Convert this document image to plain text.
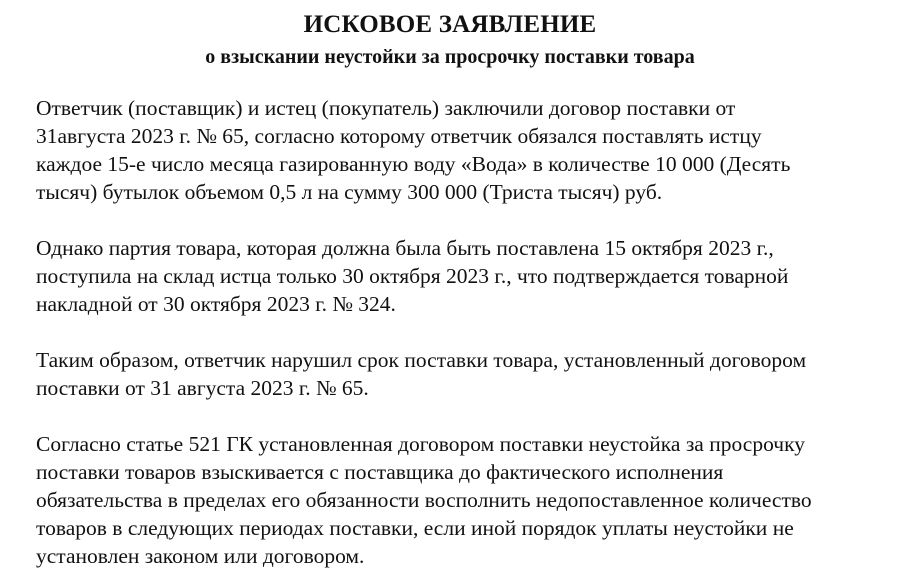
ИСКОВОЕ ЗАЯВЛЕНИЕ
о взыскании неустойки за просрочку поставки товара

Ответчик (поставщик) и истец (покупатель) заключили договор поставки от
31августа 2023 г. № 65, согласно которому ответчик обязался поставлять истцу
каждое 15-е число месяца газированную воду «Вода» в количестве 10 000 (Десять
тысяч) бутылок объемом 0,5 л на сумму 300 000 (Триста тысяч) руб.

Однако партия товара, которая должна была быть поставлена 15 октября 2023 г.,
поступила на склад истца только 30 октября 2023 г., что подтверждается товарной
накладной от 30 октября 2023 г. № 324.

Таким образом, ответчик нарушил срок поставки товара, установленный договором
поставки от 31 августа 2023 г. № 65.

Согласно статье 521 ГК установленная договором поставки неустойка за просрочку
поставки товаров взыскивается с поставщика до фактического исполнения
обязательства в пределах его обязанности восполнить недопоставленное количество
товаров в следующих периодах поставки, если иной порядок уплаты неустойки не
установлен законом или договором.
